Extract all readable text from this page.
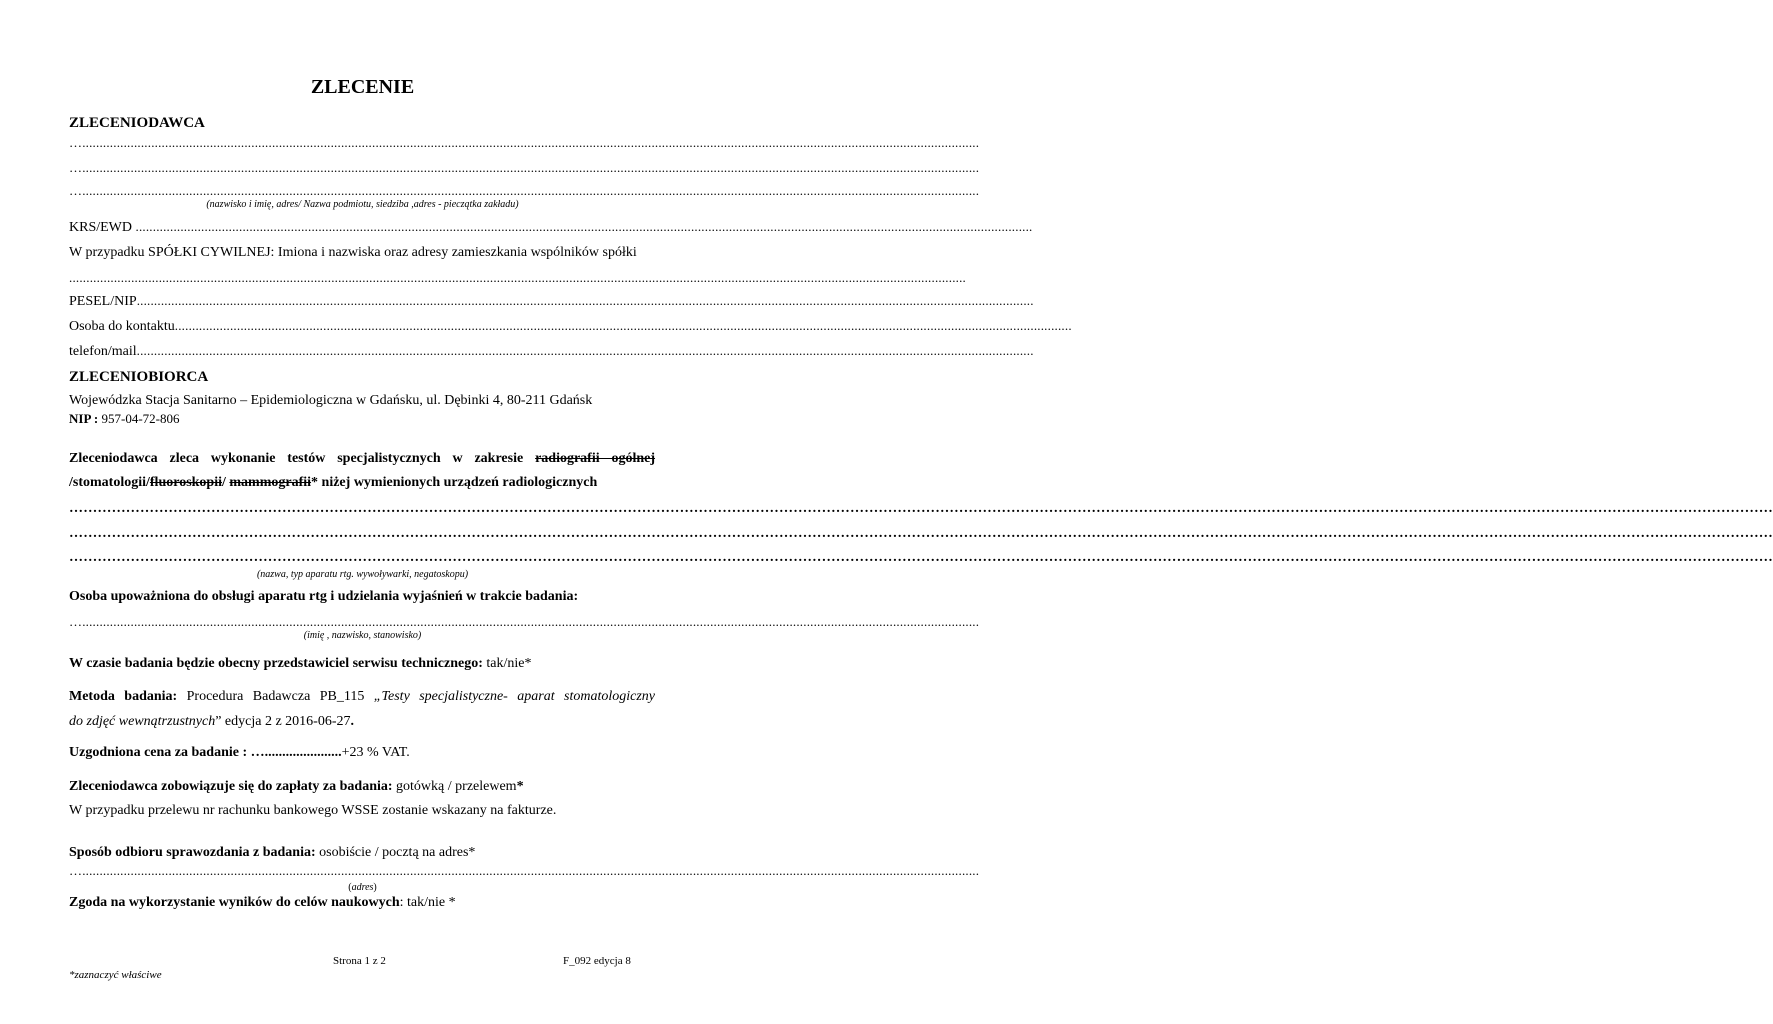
ZLECENIE
ZLECENIODAWCA
…....................................................................................................................................................................................................................................................................
…....................................................................................................................................................................................................................................................................
…....................................................................................................................................................................................................................................................................
(nazwisko i imię, adres/ Nazwa podmiotu, siedziba ,adres - pieczątka zakładu)
KRS/EWD ....................................................................................................................................................................................................................................................................
W przypadku SPÓŁKI CYWILNEJ: Imiona i nazwiska oraz adresy zamieszkania wspólników spółki
....................................................................................................................................................................................................................................................................
PESEL/NIP....................................................................................................................................................................................................................................................................
Osoba do kontaktu....................................................................................................................................................................................................................................................................
telefon/mail....................................................................................................................................................................................................................................................................
ZLECENIOBIORCA
Wojewódzka Stacja Sanitarno – Epidemiologiczna w Gdańsku, ul. Dębinki 4, 80-211 Gdańsk
NIP : 957-04-72-806
Zleceniodawca zleca wykonanie testów specjalistycznych w zakresie radiografii ogólnej
/stomatologii/fluoroskopii/ mammografii* niżej wymienionych urządzeń radiologicznych
………………………………………………………………………………………………………………………………………………………………………………………………………………………………………………………………………………………………………………………………
………………………………………………………………………………………………………………………………………………………………………………………………………………………………………………………………………………………………………………………………
………………………………………………………………………………………………………………………………………………………………………………………………………………………………………………………………………………………………………………………………
(nazwa, typ aparatu rtg. wywoływarki, negatoskopu)
Osoba upoważniona do obsługi aparatu rtg i udzielania wyjaśnień w trakcie badania:
…....................................................................................................................................................................................................................................................................
(imię , nazwisko, stanowisko)
W czasie badania będzie obecny przedstawiciel serwisu technicznego: tak/nie*
Metoda badania: Procedura Badawcza PB_115 „Testy specjalistyczne- aparat stomatologiczny
do zdjęć wewnątrzustnych” edycja 2 z 2016-06-27.
Uzgodniona cena za badanie : …......................+23 % VAT.
Zleceniodawca zobowiązuje się do zapłaty za badania: gotówką / przelewem*
W przypadku przelewu nr rachunku bankowego WSSE zostanie wskazany na fakturze.
Sposób odbioru sprawozdania z badania: osobiście / pocztą na adres*
…....................................................................................................................................................................................................................................................................
(adres)
Zgoda na wykorzystanie wyników do celów naukowych: tak/nie *
Strona 1 z 2	F_092 edycja 8
*zaznaczyć właściwe
